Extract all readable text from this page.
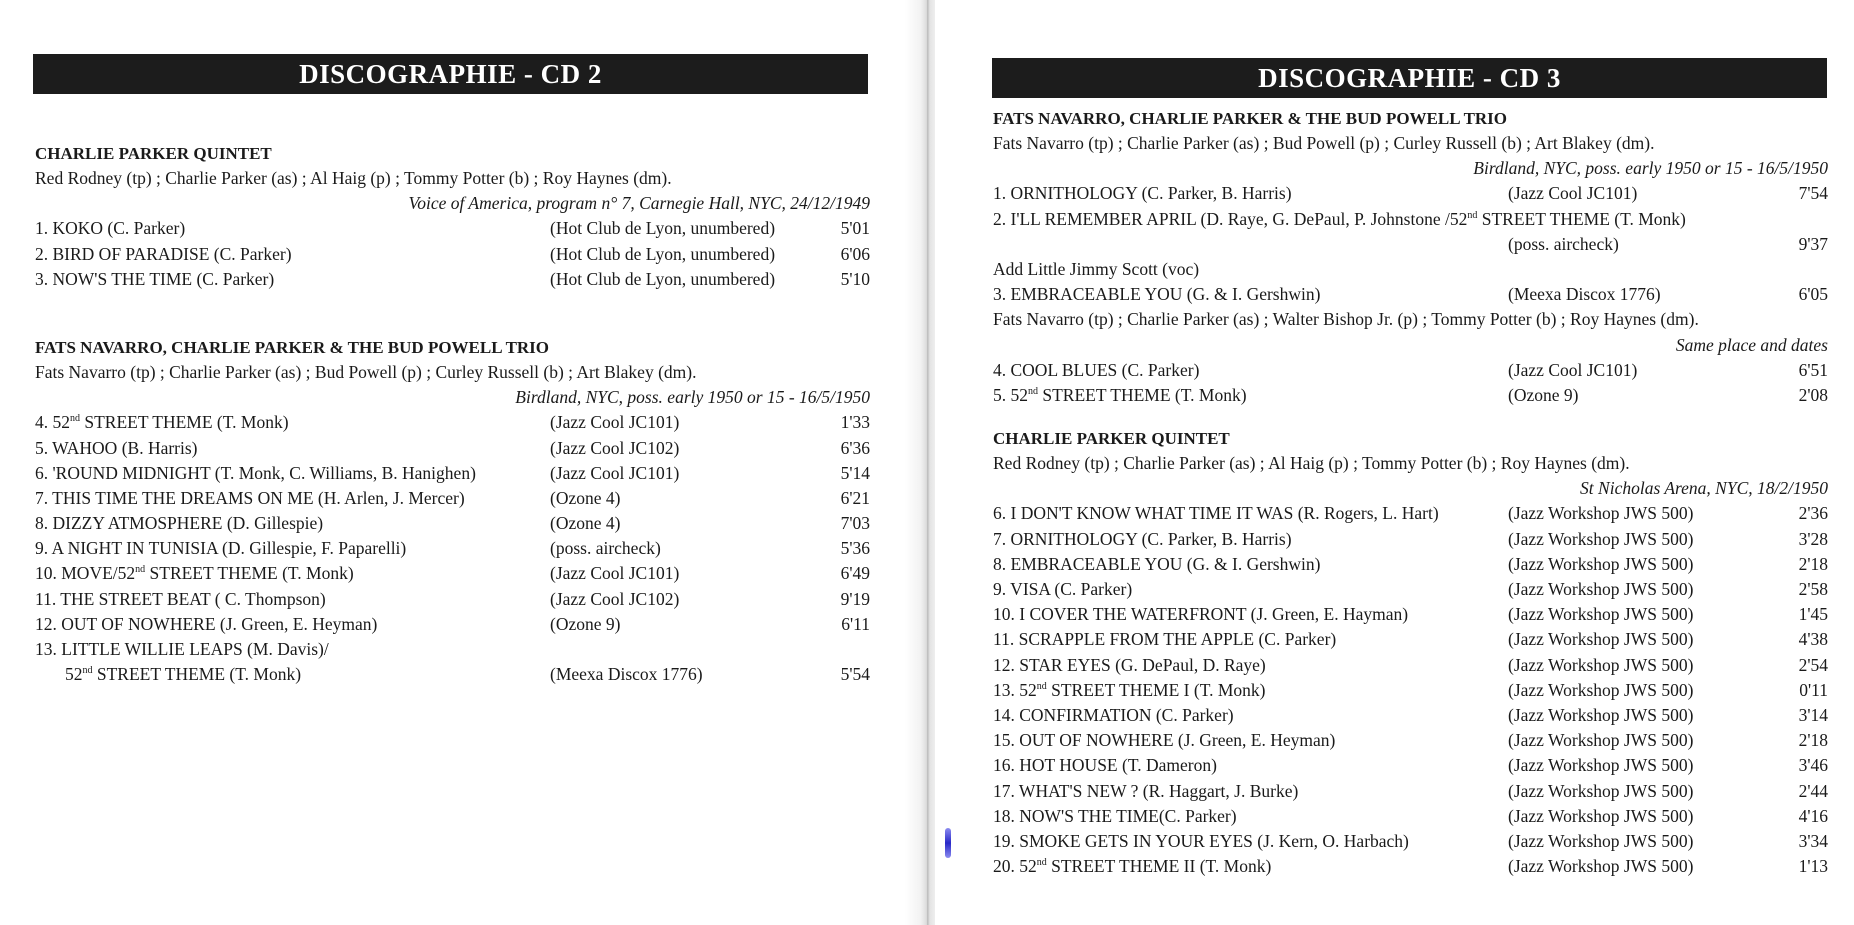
DISCOGRAPHIE - CD 2
CHARLIE PARKER QUINTET
Red Rodney (tp) ; Charlie Parker (as) ; Al Haig (p) ; Tommy Potter (b) ; Roy Haynes (dm).
Voice of America, program n° 7, Carnegie Hall, NYC, 24/12/1949
1. KOKO (C. Parker)	(Hot Club de Lyon, unumbered)	5'01
2. BIRD OF PARADISE (C. Parker)	(Hot Club de Lyon, unumbered)	6'06
3. NOW'S THE TIME (C. Parker)	(Hot Club de Lyon, unumbered)	5'10
FATS NAVARRO, CHARLIE PARKER & THE BUD POWELL TRIO
Fats Navarro (tp) ; Charlie Parker (as) ; Bud Powell (p) ; Curley Russell (b) ; Art Blakey (dm).
Birdland, NYC, poss. early 1950 or 15 - 16/5/1950
4. 52nd STREET THEME (T. Monk)	(Jazz Cool JC101)	1'33
5. WAHOO (B. Harris)	(Jazz Cool JC102)	6'36
6. 'ROUND MIDNIGHT (T. Monk, C. Williams, B. Hanighen)	(Jazz Cool JC101)	5'14
7. THIS TIME THE DREAMS ON ME (H. Arlen, J. Mercer)	(Ozone 4)	6'21
8. DIZZY ATMOSPHERE (D. Gillespie)	(Ozone 4)	7'03
9. A NIGHT IN TUNISIA (D. Gillespie, F. Paparelli)	(poss. aircheck)	5'36
10. MOVE/52nd STREET THEME (T. Monk)	(Jazz Cool JC101)	6'49
11. THE STREET BEAT ( C. Thompson)	(Jazz Cool JC102)	9'19
12. OUT OF NOWHERE (J. Green, E. Heyman)	(Ozone 9)	6'11
13. LITTLE WILLIE LEAPS (M. Davis)/
52nd STREET THEME (T. Monk)	(Meexa Discox 1776)	5'54
DISCOGRAPHIE - CD 3
FATS NAVARRO, CHARLIE PARKER & THE BUD POWELL TRIO
Fats Navarro (tp) ; Charlie Parker (as) ; Bud Powell (p) ; Curley Russell (b) ; Art Blakey (dm).
Birdland, NYC, poss. early 1950 or 15 - 16/5/1950
1. ORNITHOLOGY (C. Parker, B. Harris)	(Jazz Cool JC101)	7'54
2. I'LL REMEMBER APRIL (D. Raye, G. DePaul, P. Johnstone /52nd STREET THEME (T. Monk)
(poss. aircheck)	9'37
Add Little Jimmy Scott (voc)
3. EMBRACEABLE YOU (G. & I. Gershwin)	(Meexa Discox 1776)	6'05
Fats Navarro (tp) ; Charlie Parker (as) ; Walter Bishop Jr. (p) ; Tommy Potter (b) ; Roy Haynes (dm).
Same place and dates
4. COOL BLUES (C. Parker)	(Jazz Cool JC101)	6'51
5. 52nd STREET THEME (T. Monk)	(Ozone 9)	2'08
CHARLIE PARKER QUINTET
Red Rodney (tp) ; Charlie Parker (as) ; Al Haig (p) ; Tommy Potter (b) ; Roy Haynes (dm).
St Nicholas Arena, NYC, 18/2/1950
6. I DON'T KNOW WHAT TIME IT WAS (R. Rogers, L. Hart)	(Jazz Workshop JWS 500)	2'36
7. ORNITHOLOGY (C. Parker, B. Harris)	(Jazz Workshop JWS 500)	3'28
8. EMBRACEABLE YOU (G. & I. Gershwin)	(Jazz Workshop JWS 500)	2'18
9. VISA (C. Parker)	(Jazz Workshop JWS 500)	2'58
10. I COVER THE WATERFRONT (J. Green, E. Hayman)	(Jazz Workshop JWS 500)	1'45
11. SCRAPPLE FROM THE APPLE (C. Parker)	(Jazz Workshop JWS 500)	4'38
12. STAR EYES (G. DePaul, D. Raye)	(Jazz Workshop JWS 500)	2'54
13. 52nd STREET THEME I (T. Monk)	(Jazz Workshop JWS 500)	0'11
14. CONFIRMATION (C. Parker)	(Jazz Workshop JWS 500)	3'14
15. OUT OF NOWHERE (J. Green, E. Heyman)	(Jazz Workshop JWS 500)	2'18
16. HOT HOUSE (T. Dameron)	(Jazz Workshop JWS 500)	3'46
17. WHAT'S NEW ? (R. Haggart, J. Burke)	(Jazz Workshop JWS 500)	2'44
18. NOW'S THE TIME(C. Parker)	(Jazz Workshop JWS 500)	4'16
19. SMOKE GETS IN YOUR EYES (J. Kern, O. Harbach)	(Jazz Workshop JWS 500)	3'34
20. 52nd STREET THEME II (T. Monk)	(Jazz Workshop JWS 500)	1'13
